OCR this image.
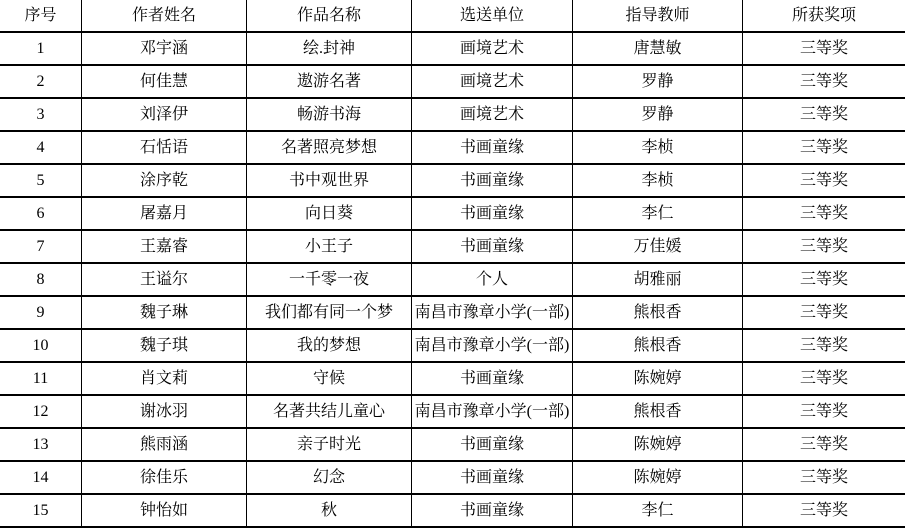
序号	作者姓名	作品名称	选送单位	指导教师	所获奖项
1	邓宇涵	绘.封神	画境艺术	唐慧敏	三等奖
2	何佳慧	遨游名著	画境艺术	罗静	三等奖
3	刘泽伊	畅游书海	画境艺术	罗静	三等奖
4	石恬语	名著照亮梦想	书画童缘	李桢	三等奖
5	涂序乾	书中观世界	书画童缘	李桢	三等奖
6	屠嘉月	向日葵	书画童缘	李仁	三等奖
7	王嘉睿	小王子	书画童缘	万佳媛	三等奖
8	王谥尔	一千零一夜	个人	胡雅丽	三等奖
9	魏子琳	我们都有同一个梦	南昌市豫章小学(一部)	熊根香	三等奖
10	魏子琪	我的梦想	南昌市豫章小学(一部)	熊根香	三等奖
11	肖文莉	守候	书画童缘	陈婉婷	三等奖
12	谢冰羽	名著共结儿童心	南昌市豫章小学(一部)	熊根香	三等奖
13	熊雨涵	亲子时光	书画童缘	陈婉婷	三等奖
14	徐佳乐	幻念	书画童缘	陈婉婷	三等奖
15	钟怡如	秋	书画童缘	李仁	三等奖
